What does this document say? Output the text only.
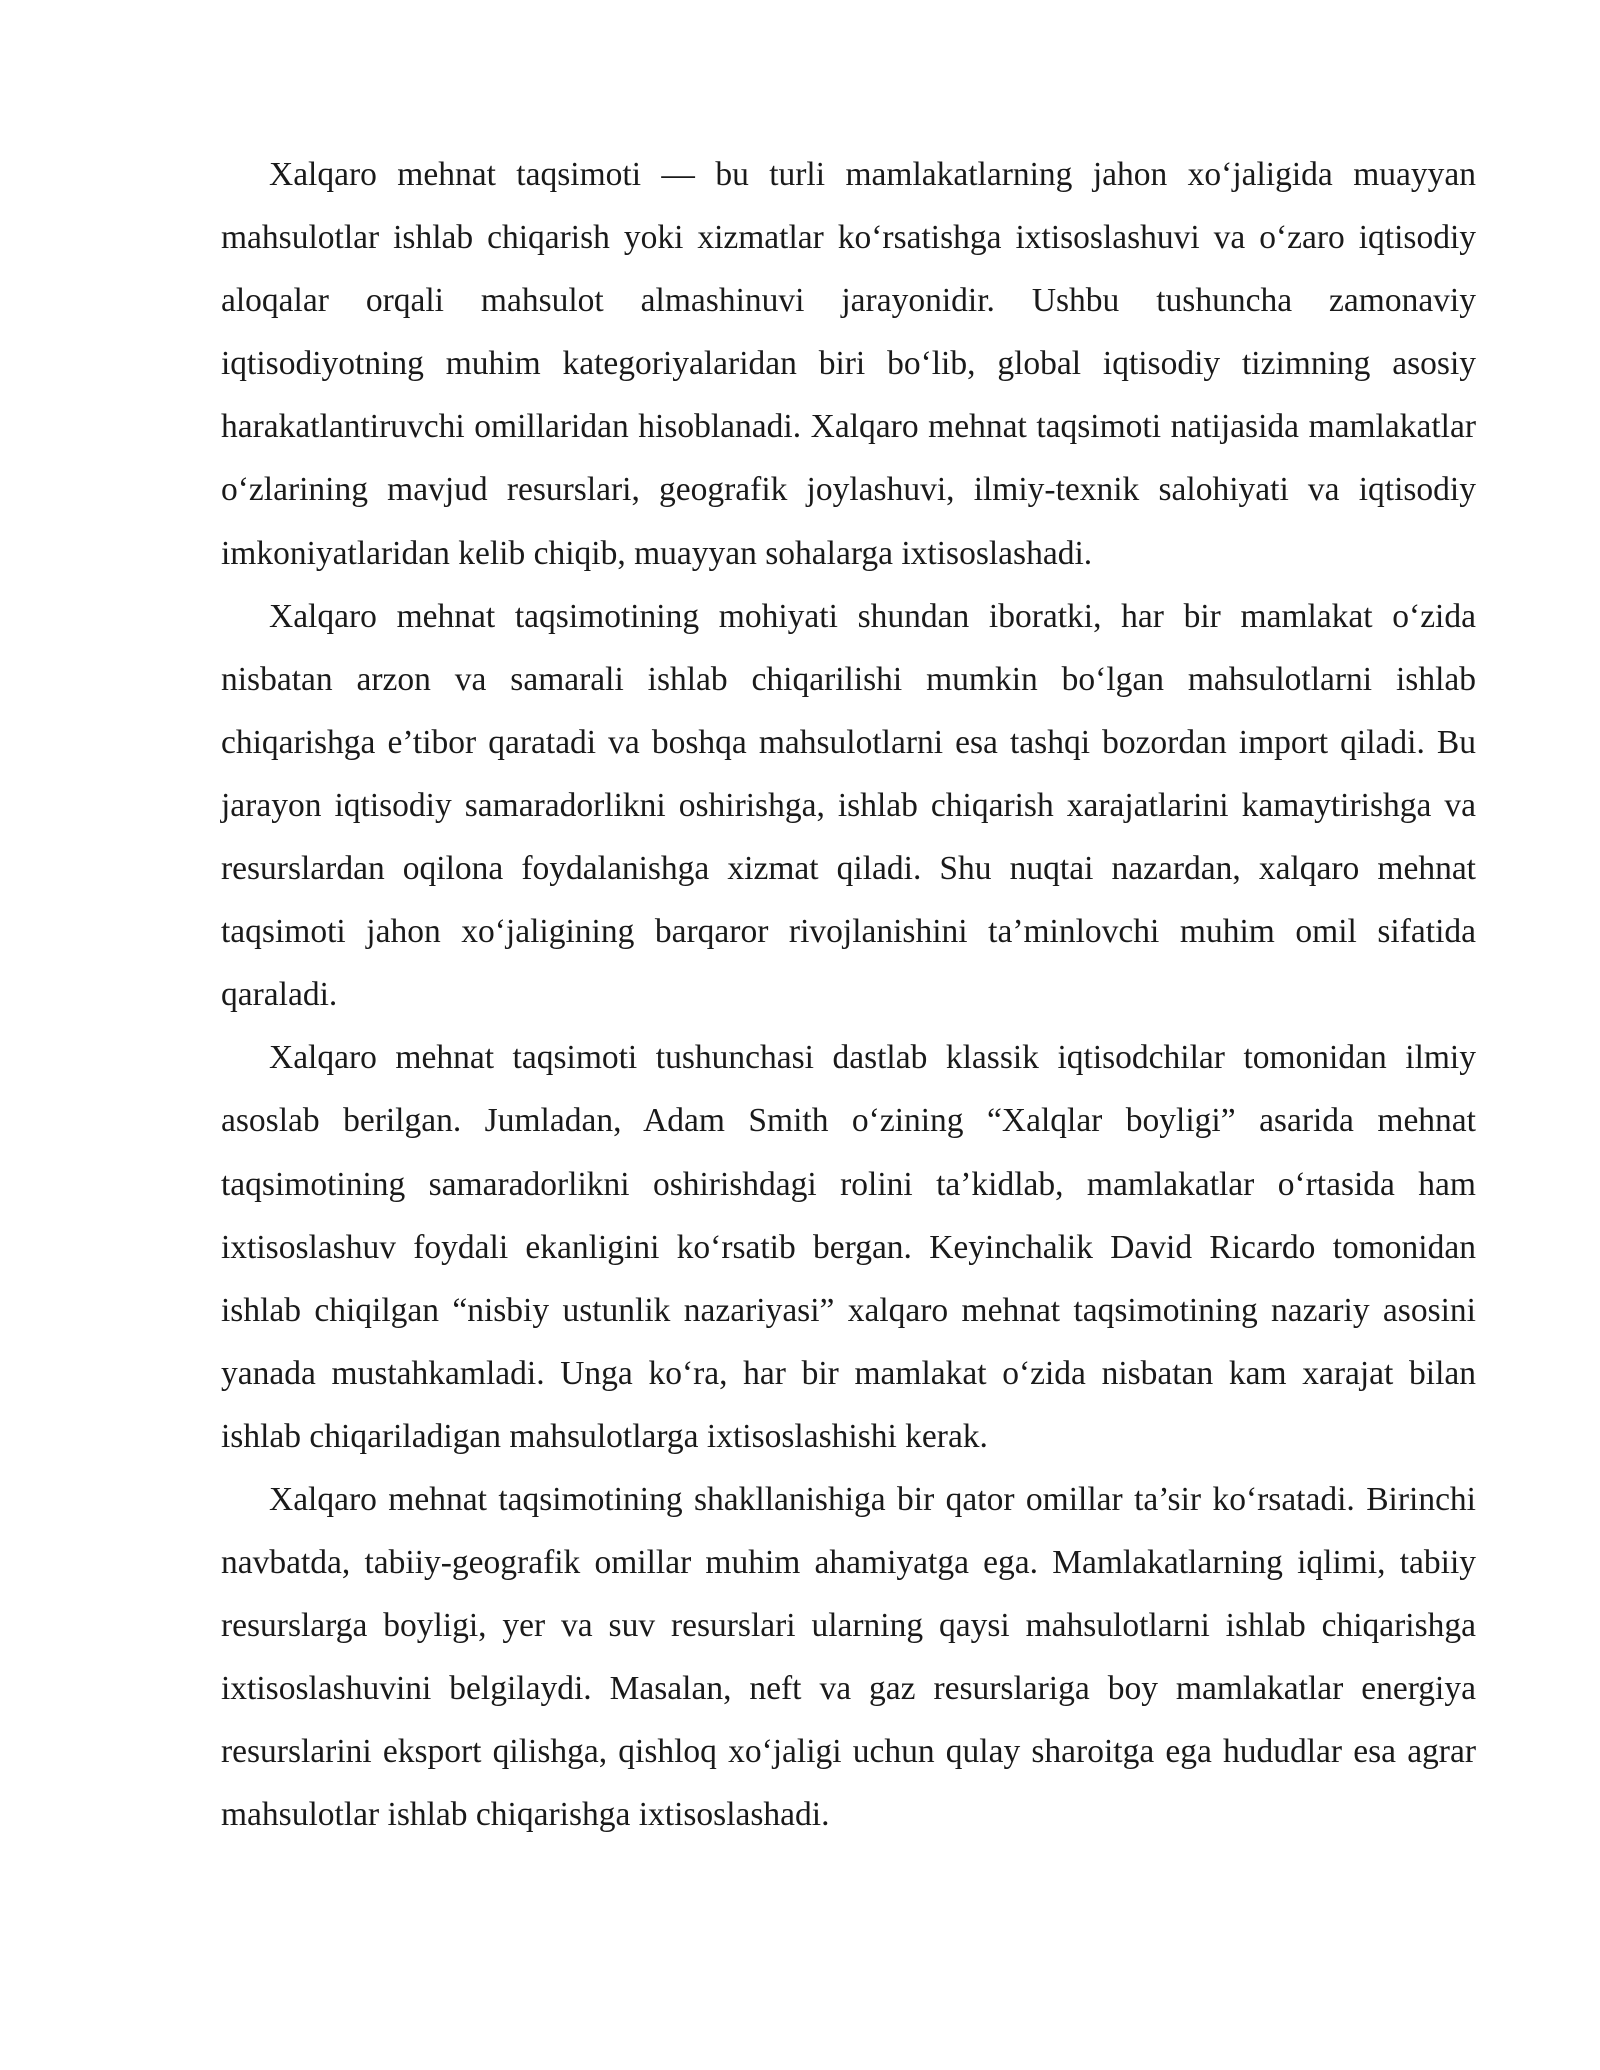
Xalqaro mehnat taqsimoti — bu turli mamlakatlarning jahon xo‘jaligida muayyan mahsulotlar ishlab chiqarish yoki xizmatlar ko‘rsatishga ixtisoslashuvi va o‘zaro iqtisodiy aloqalar orqali mahsulot almashinuvi jarayonidir. Ushbu tushuncha zamonaviy iqtisodiyotning muhim kategoriyalaridan biri bo‘lib, global iqtisodiy tizimning asosiy harakatlantiruvchi omillaridan hisoblanadi. Xalqaro mehnat taqsimoti natijasida mamlakatlar o‘zlarining mavjud resurslari, geografik joylashuvi, ilmiy-texnik salohiyati va iqtisodiy imkoniyatlaridan kelib chiqib, muayyan sohalarga ixtisoslashadi.

Xalqaro mehnat taqsimotining mohiyati shundan iboratki, har bir mamlakat o‘zida nisbatan arzon va samarali ishlab chiqarilishi mumkin bo‘lgan mahsulotlarni ishlab chiqarishga e’tibor qaratadi va boshqa mahsulotlarni esa tashqi bozordan import qiladi. Bu jarayon iqtisodiy samaradorlikni oshirishga, ishlab chiqarish xarajatlarini kamaytirishga va resurslardan oqilona foydalanishga xizmat qiladi. Shu nuqtai nazardan, xalqaro mehnat taqsimoti jahon xo‘jaligining barqaror rivojlanishini ta’minlovchi muhim omil sifatida qaraladi.

Xalqaro mehnat taqsimoti tushunchasi dastlab klassik iqtisodchilar tomonidan ilmiy asoslab berilgan. Jumladan, Adam Smith o‘zining “Xalqlar boyligi” asarida mehnat taqsimotining samaradorlikni oshirishdagi rolini ta’kidlab, mamlakatlar o‘rtasida ham ixtisoslashuv foydali ekanligini ko‘rsatib bergan. Keyinchalik David Ricardo tomonidan ishlab chiqilgan “nisbiy ustunlik nazariyasi” xalqaro mehnat taqsimotining nazariy asosini yanada mustahkamladi. Unga ko‘ra, har bir mamlakat o‘zida nisbatan kam xarajat bilan ishlab chiqariladigan mahsulotlarga ixtisoslashishi kerak.

Xalqaro mehnat taqsimotining shakllanishiga bir qator omillar ta’sir ko‘rsatadi. Birinchi navbatda, tabiiy-geografik omillar muhim ahamiyatga ega. Mamlakatlarning iqlimi, tabiiy resurslarga boyligi, yer va suv resurslari ularning qaysi mahsulotlarni ishlab chiqarishga ixtisoslashuvini belgilaydi. Masalan, neft va gaz resurslariga boy mamlakatlar energiya resurslarini eksport qilishga, qishloq xo‘jaligi uchun qulay sharoitga ega hududlar esa agrar mahsulotlar ishlab chiqarishga ixtisoslashadi.
